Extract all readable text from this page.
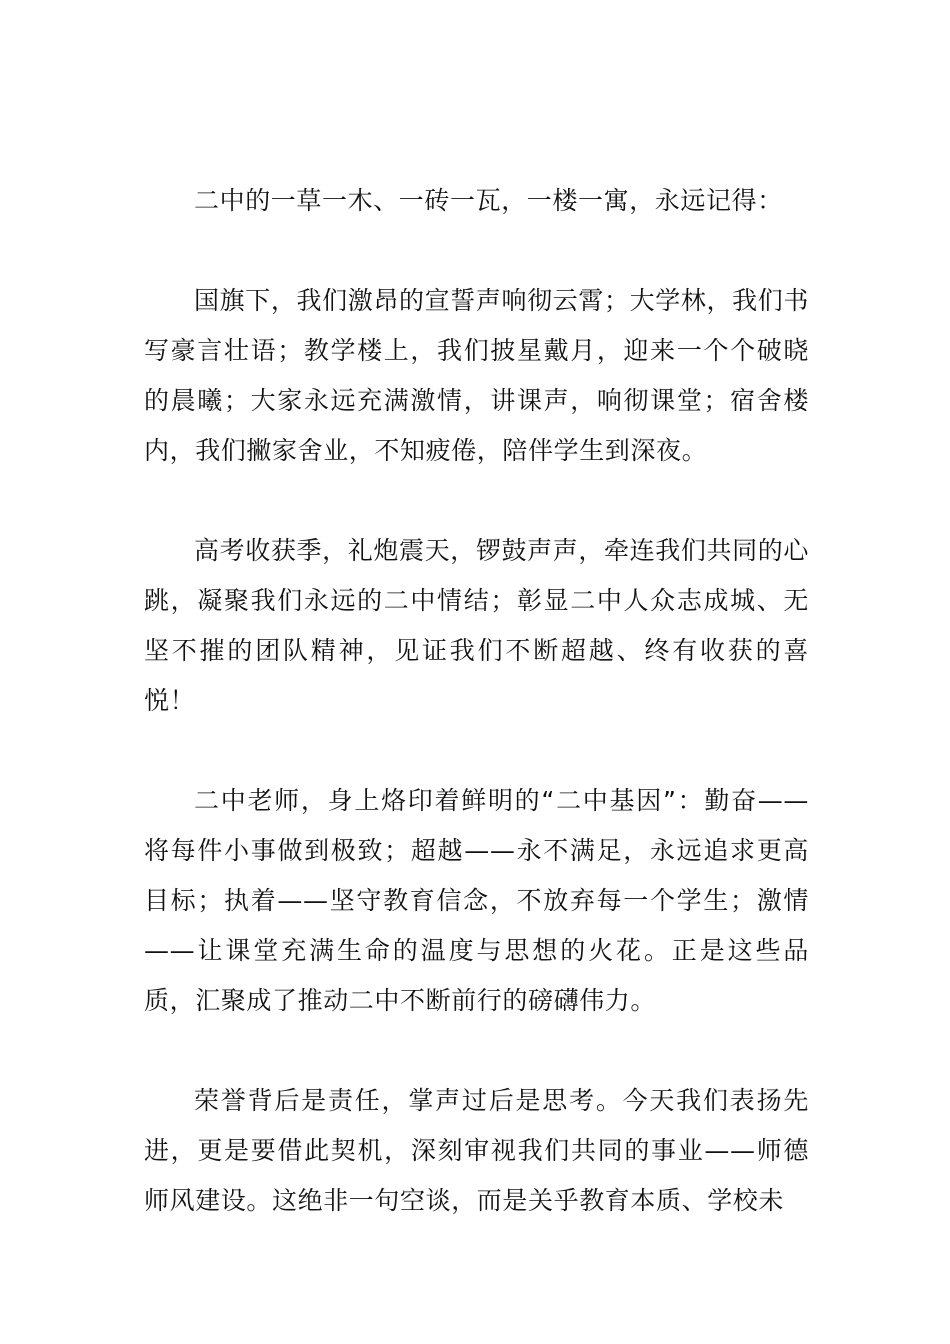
二中的一草一木、一砖一瓦，一楼一寓，永远记得：

国旗下，我们激昂的宣誓声响彻云霄；大学林，我们书写豪言壮语；教学楼上，我们披星戴月，迎来一个个破晓的晨曦；大家永远充满激情，讲课声，响彻课堂；宿舍楼内，我们撇家舍业，不知疲倦，陪伴学生到深夜。

高考收获季，礼炮震天，锣鼓声声，牵连我们共同的心跳，凝聚我们永远的二中情结；彰显二中人众志成城、无坚不摧的团队精神，见证我们不断超越、终有收获的喜悦！

二中老师，身上烙印着鲜明的“二中基因”：勤奋——将每件小事做到极致；超越——永不满足，永远追求更高目标；执着——坚守教育信念，不放弃每一个学生；激情——让课堂充满生命的温度与思想的火花。正是这些品质，汇聚成了推动二中不断前行的磅礴伟力。

荣誉背后是责任，掌声过后是思考。今天我们表扬先进，更是要借此契机，深刻审视我们共同的事业——师德师风建设。这绝非一句空谈，而是关乎教育本质、学校未
